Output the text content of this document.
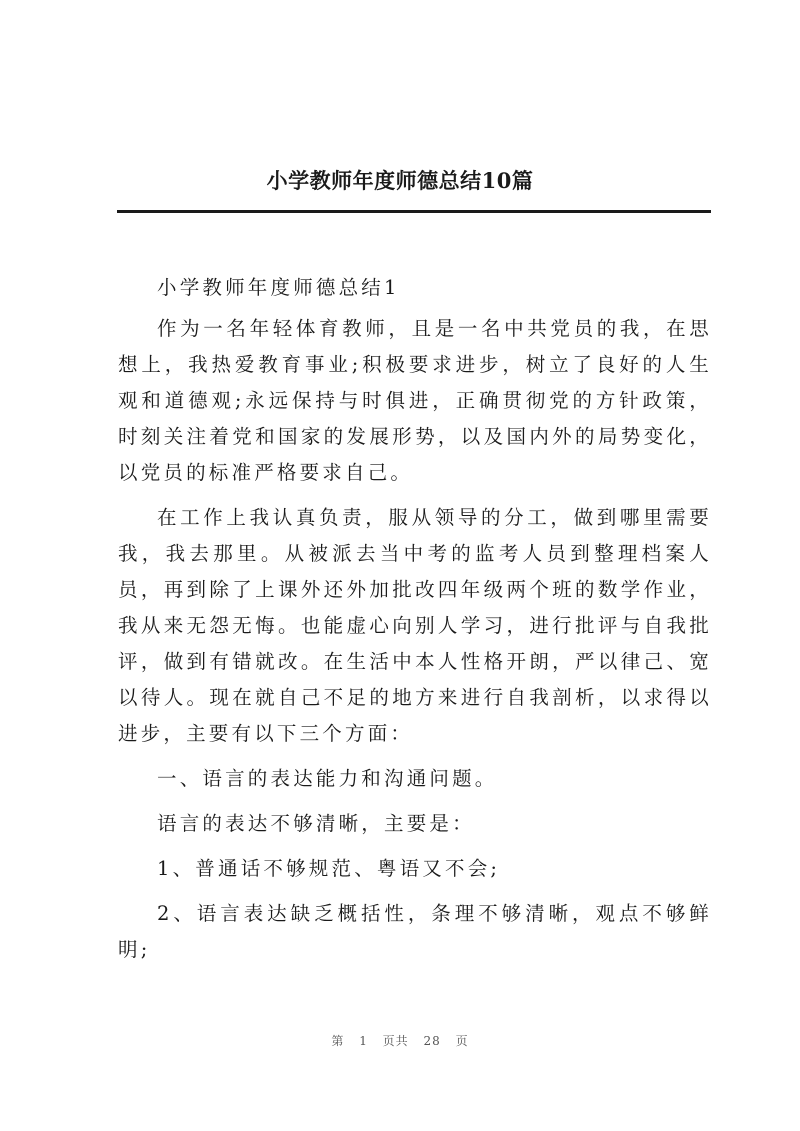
小学教师年度师德总结10篇

小学教师年度师德总结1

作为一名年轻体育教师，且是一名中共党员的我，在思想上，我热爱教育事业;积极要求进步，树立了良好的人生观和道德观;永远保持与时俱进，正确贯彻党的方针政策，时刻关注着党和国家的发展形势，以及国内外的局势变化，以党员的标准严格要求自己。

在工作上我认真负责，服从领导的分工，做到哪里需要我，我去那里。从被派去当中考的监考人员到整理档案人员，再到除了上课外还外加批改四年级两个班的数学作业，我从来无怨无悔。也能虚心向别人学习，进行批评与自我批评，做到有错就改。在生活中本人性格开朗，严以律己、宽以待人。现在就自己不足的地方来进行自我剖析，以求得以进步，主要有以下三个方面：

一、语言的表达能力和沟通问题。

语言的表达不够清晰，主要是：

1、普通话不够规范、粤语又不会;

2、语言表达缺乏概括性，条理不够清晰，观点不够鲜明;

第 1 页共 28 页
